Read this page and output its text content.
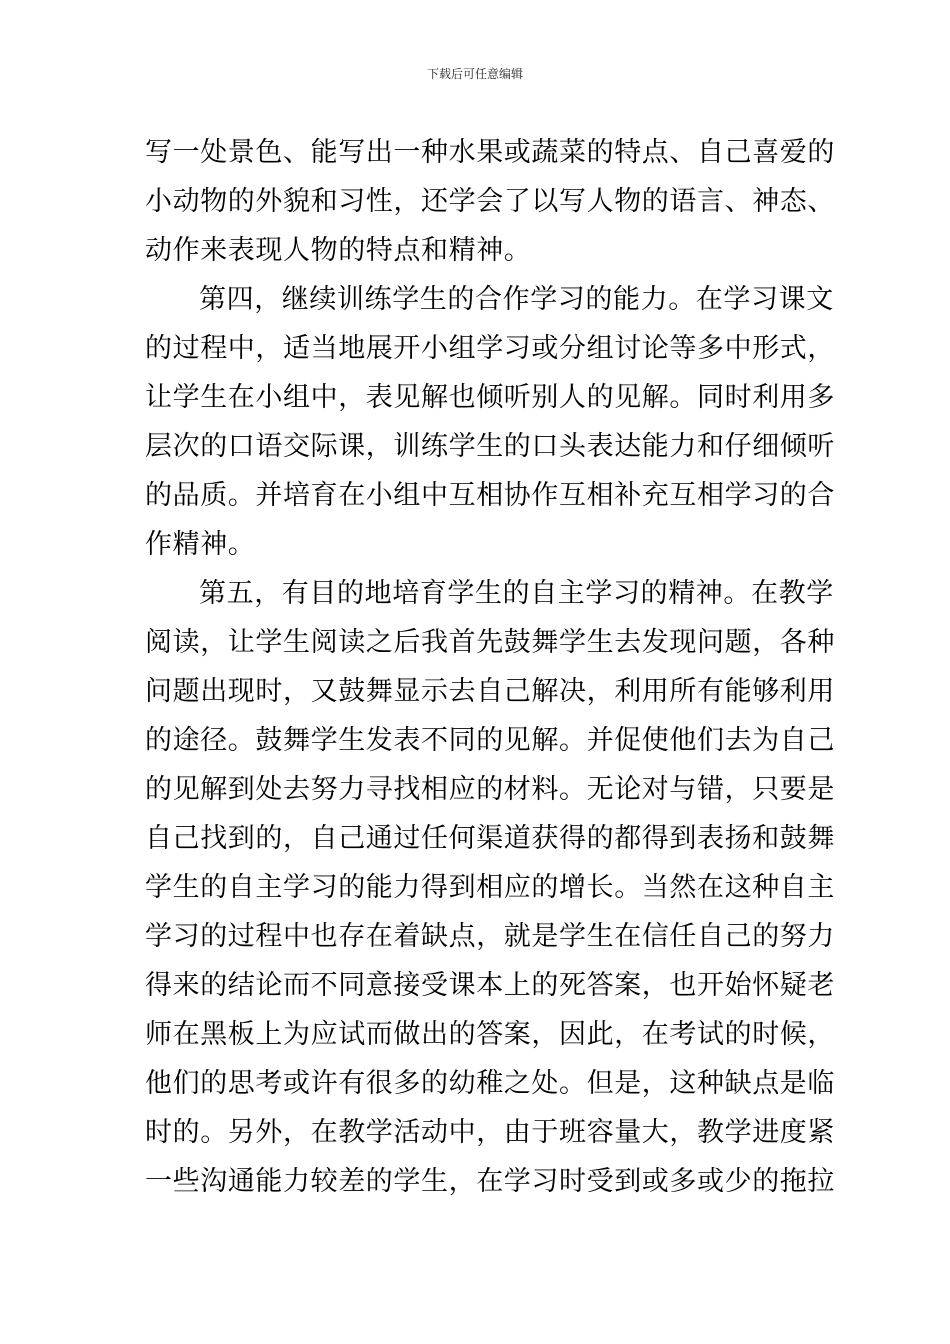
下载后可任意编辑
写一处景色、能写出一种水果或蔬菜的特点、自己喜爱的
小动物的外貌和习性，还学会了以写人物的语言、神态、
动作来表现人物的特点和精神。
第四，继续训练学生的合作学习的能力。在学习课文
的过程中，适当地展开小组学习或分组讨论等多中形式，
让学生在小组中，表见解也倾听别人的见解。同时利用多
层次的口语交际课，训练学生的口头表达能力和仔细倾听
的品质。并培育在小组中互相协作互相补充互相学习的合
作精神。
第五，有目的地培育学生的自主学习的精神。在教学
阅读，让学生阅读之后我首先鼓舞学生去发现问题，各种
问题出现时，又鼓舞显示去自己解决，利用所有能够利用
的途径。鼓舞学生发表不同的见解。并促使他们去为自己
的见解到处去努力寻找相应的材料。无论对与错，只要是
自己找到的，自己通过任何渠道获得的都得到表扬和鼓舞
学生的自主学习的能力得到相应的增长。当然在这种自主
学习的过程中也存在着缺点，就是学生在信任自己的努力
得来的结论而不同意接受课本上的死答案，也开始怀疑老
师在黑板上为应试而做出的答案，因此，在考试的时候，
他们的思考或许有很多的幼稚之处。但是，这种缺点是临
时的。另外，在教学活动中，由于班容量大，教学进度紧
一些沟通能力较差的学生，在学习时受到或多或少的拖拉
